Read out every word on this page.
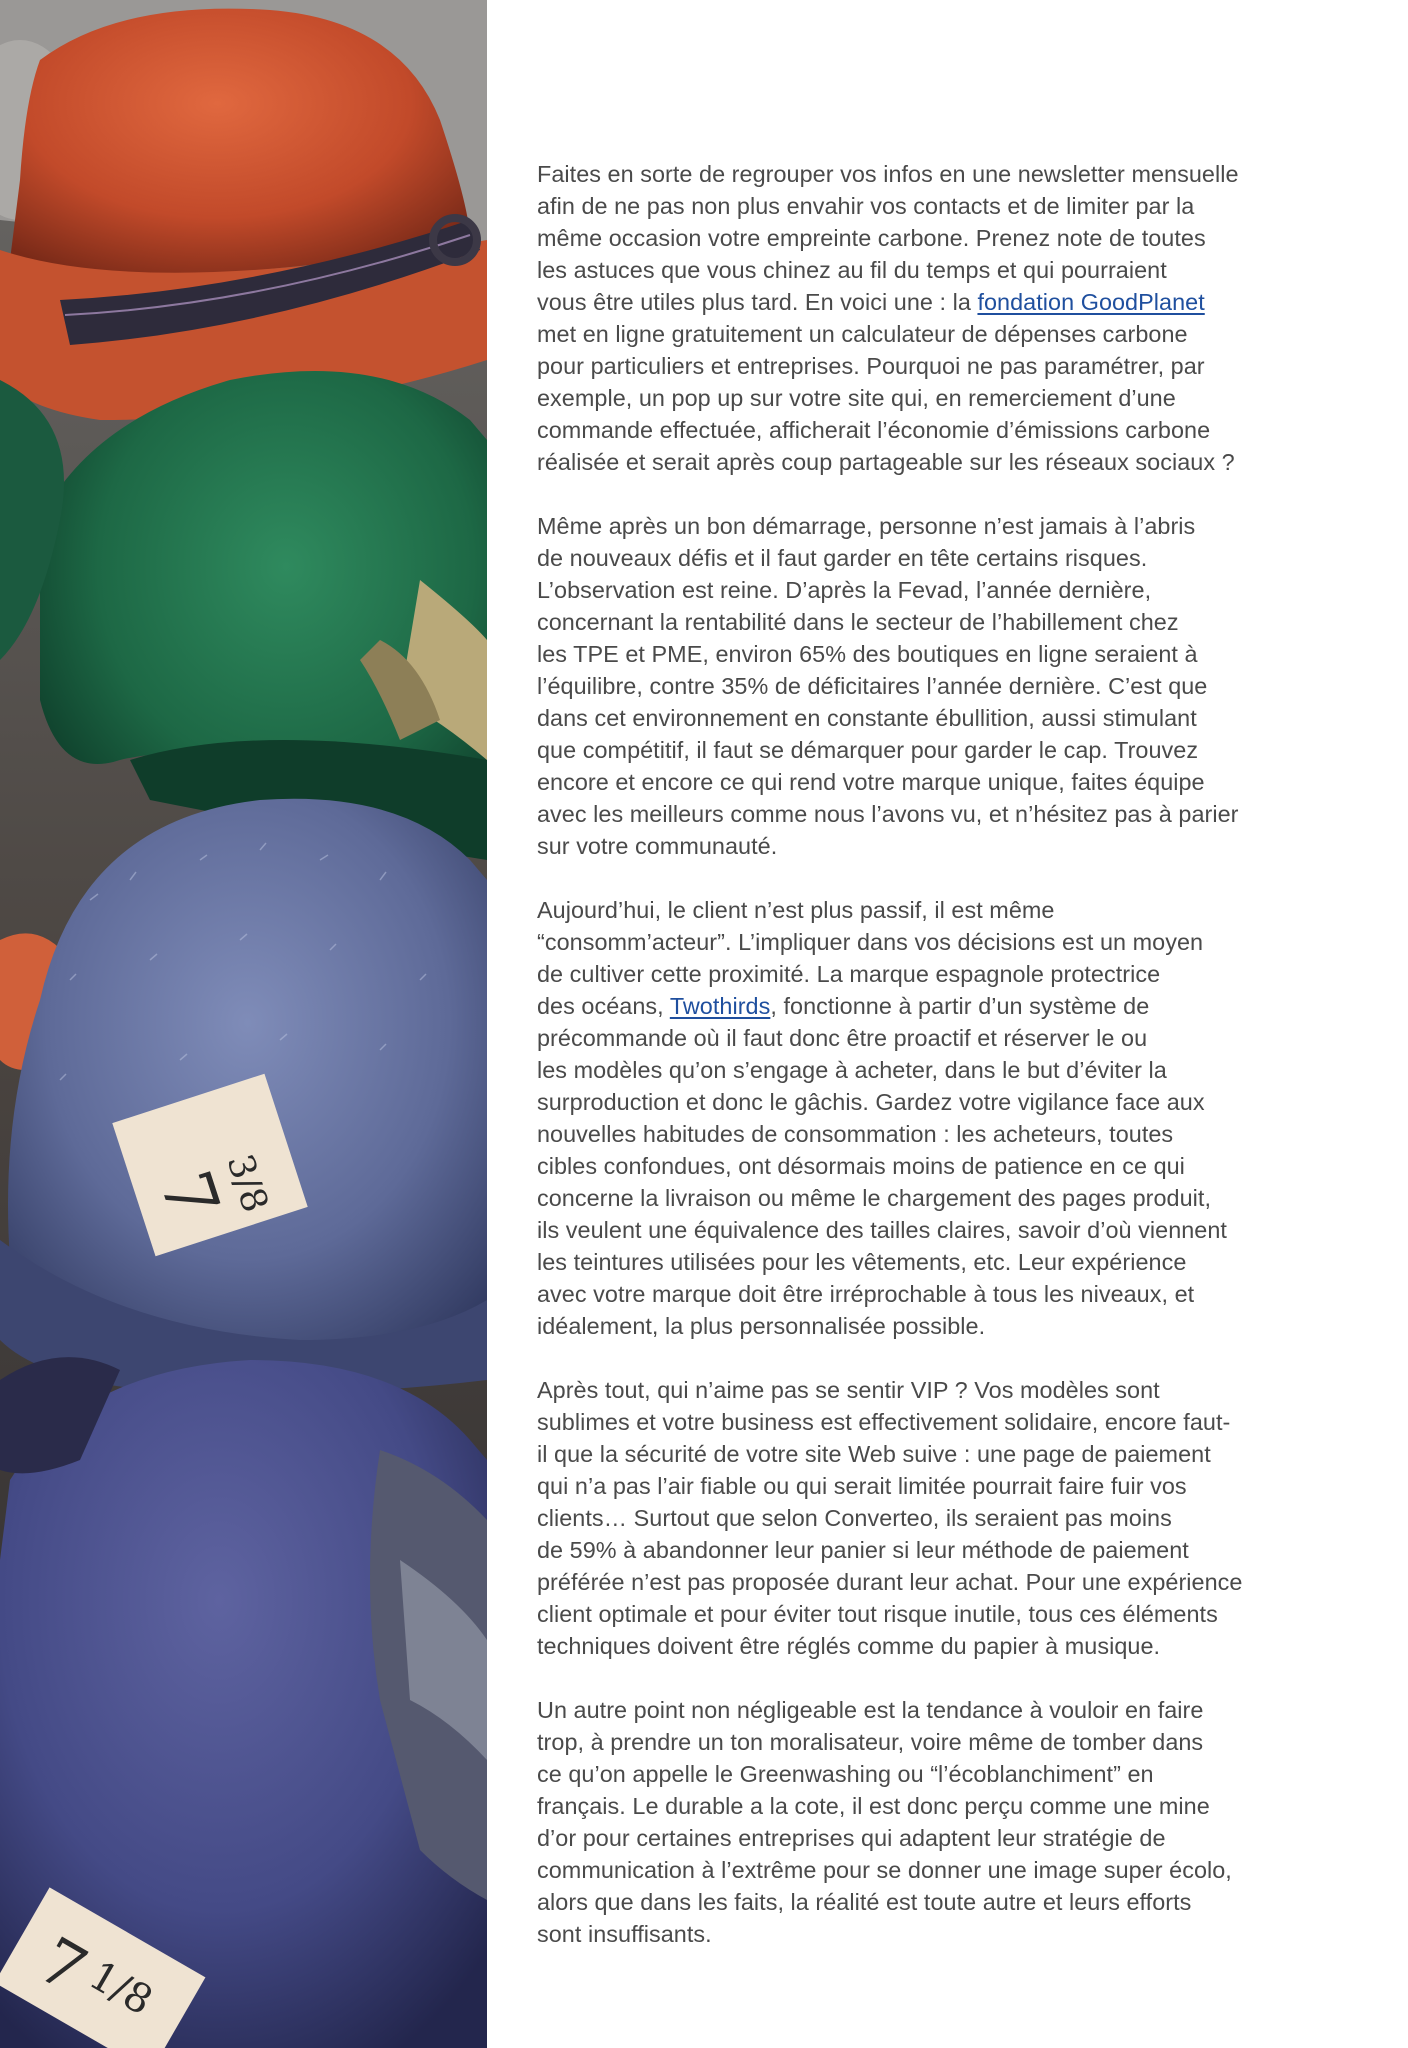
7
3/8
7
1/8

Faites en sorte de regrouper vos infos en une newsletter mensuelle
afin de ne pas non plus envahir vos contacts et de limiter par la
même occasion votre empreinte carbone. Prenez note de toutes
les astuces que vous chinez au fil du temps et qui pourraient
vous être utiles plus tard. En voici une : la fondation GoodPlanet
met en ligne gratuitement un calculateur de dépenses carbone
pour particuliers et entreprises. Pourquoi ne pas paramétrer, par
exemple, un pop up sur votre site qui, en remerciement d’une
commande effectuée, afficherait l’économie d’émissions carbone
réalisée et serait après coup partageable sur les réseaux sociaux ?

Même après un bon démarrage, personne n’est jamais à l’abris
de nouveaux défis et il faut garder en tête certains risques.
L’observation est reine. D’après la Fevad, l’année dernière,
concernant la rentabilité dans le secteur de l’habillement chez
les TPE et PME, environ 65% des boutiques en ligne seraient à
l’équilibre, contre 35% de déficitaires l’année dernière. C’est que
dans cet environnement en constante ébullition, aussi stimulant
que compétitif, il faut se démarquer pour garder le cap. Trouvez
encore et encore ce qui rend votre marque unique, faites équipe
avec les meilleurs comme nous l’avons vu, et n’hésitez pas à parier
sur votre communauté.

Aujourd’hui, le client n’est plus passif, il est même
“consomm’acteur”. L’impliquer dans vos décisions est un moyen
de cultiver cette proximité. La marque espagnole protectrice
des océans, Twothirds, fonctionne à partir d’un système de
précommande où il faut donc être proactif et réserver le ou
les modèles qu’on s’engage à acheter, dans le but d’éviter la
surproduction et donc le gâchis. Gardez votre vigilance face aux
nouvelles habitudes de consommation : les acheteurs, toutes
cibles confondues, ont désormais moins de patience en ce qui
concerne la livraison ou même le chargement des pages produit,
ils veulent une équivalence des tailles claires, savoir d’où viennent
les teintures utilisées pour les vêtements, etc. Leur expérience
avec votre marque doit être irréprochable à tous les niveaux, et
idéalement, la plus personnalisée possible.

Après tout, qui n’aime pas se sentir VIP ? Vos modèles sont
sublimes et votre business est effectivement solidaire, encore faut-
il que la sécurité de votre site Web suive : une page de paiement
qui n’a pas l’air fiable ou qui serait limitée pourrait faire fuir vos
clients… Surtout que selon Converteo, ils seraient pas moins
de 59% à abandonner leur panier si leur méthode de paiement
préférée n’est pas proposée durant leur achat. Pour une expérience
client optimale et pour éviter tout risque inutile, tous ces éléments
techniques doivent être réglés comme du papier à musique.

Un autre point non négligeable est la tendance à vouloir en faire
trop, à prendre un ton moralisateur, voire même de tomber dans
ce qu’on appelle le Greenwashing ou “l’écoblanchiment” en
français. Le durable a la cote, il est donc perçu comme une mine
d’or pour certaines entreprises qui adaptent leur stratégie de
communication à l’extrême pour se donner une image super écolo,
alors que dans les faits, la réalité est toute autre et leurs efforts
sont insuffisants.
